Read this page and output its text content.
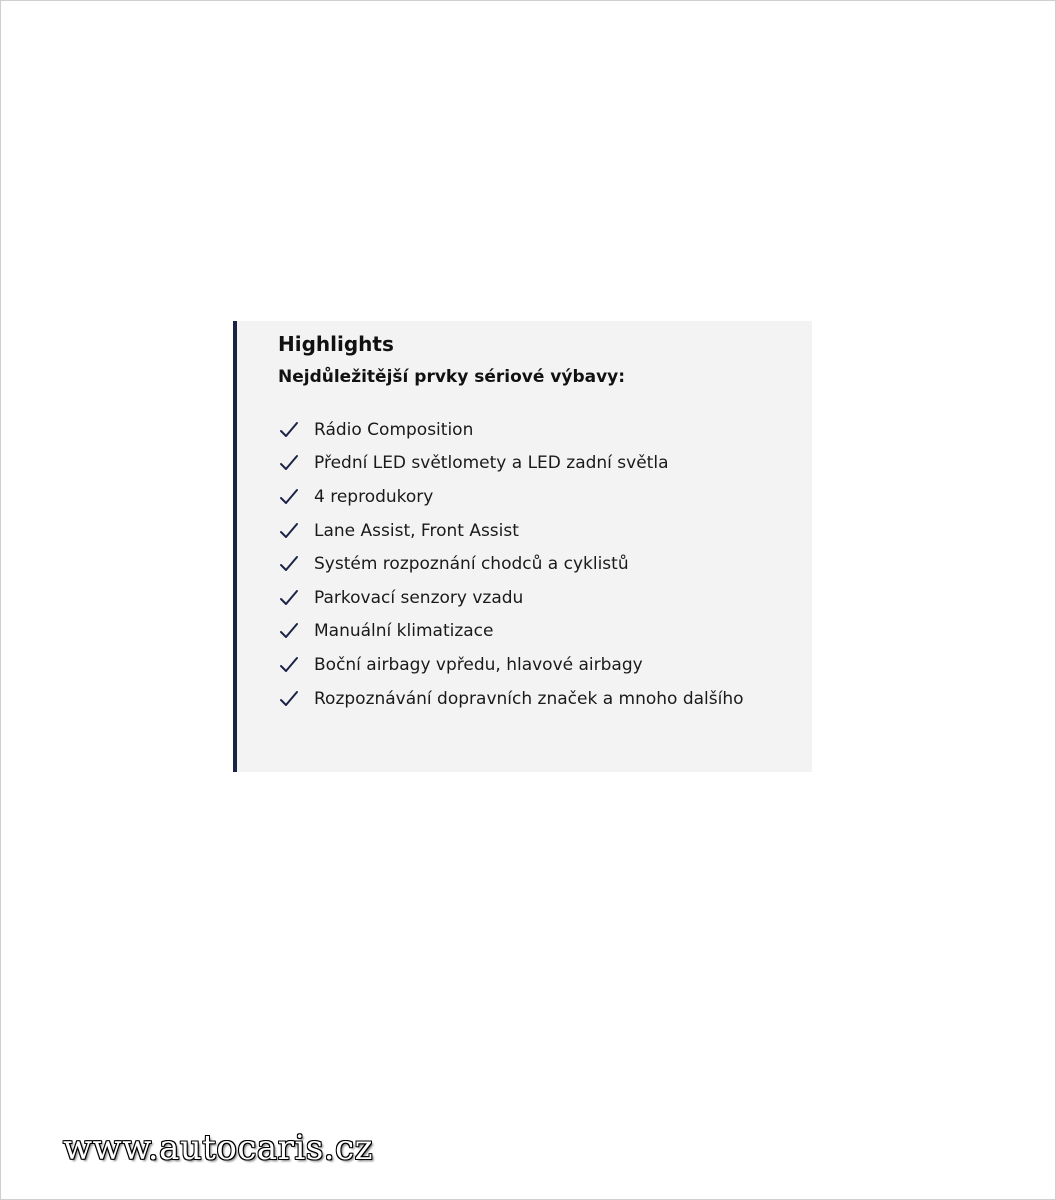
Highlights

Nejdůležitější prvky sériové výbavy:

Rádio Composition
Přední LED světlomety a LED zadní světla
4 reprodukory
Lane Assist, Front Assist
Systém rozpoznání chodců a cyklistů
Parkovací senzory vzadu
Manuální klimatizace
Boční airbagy vpředu, hlavové airbagy
Rozpoznávání dopravních značek a mnoho dalšího
www.autocaris.cz
